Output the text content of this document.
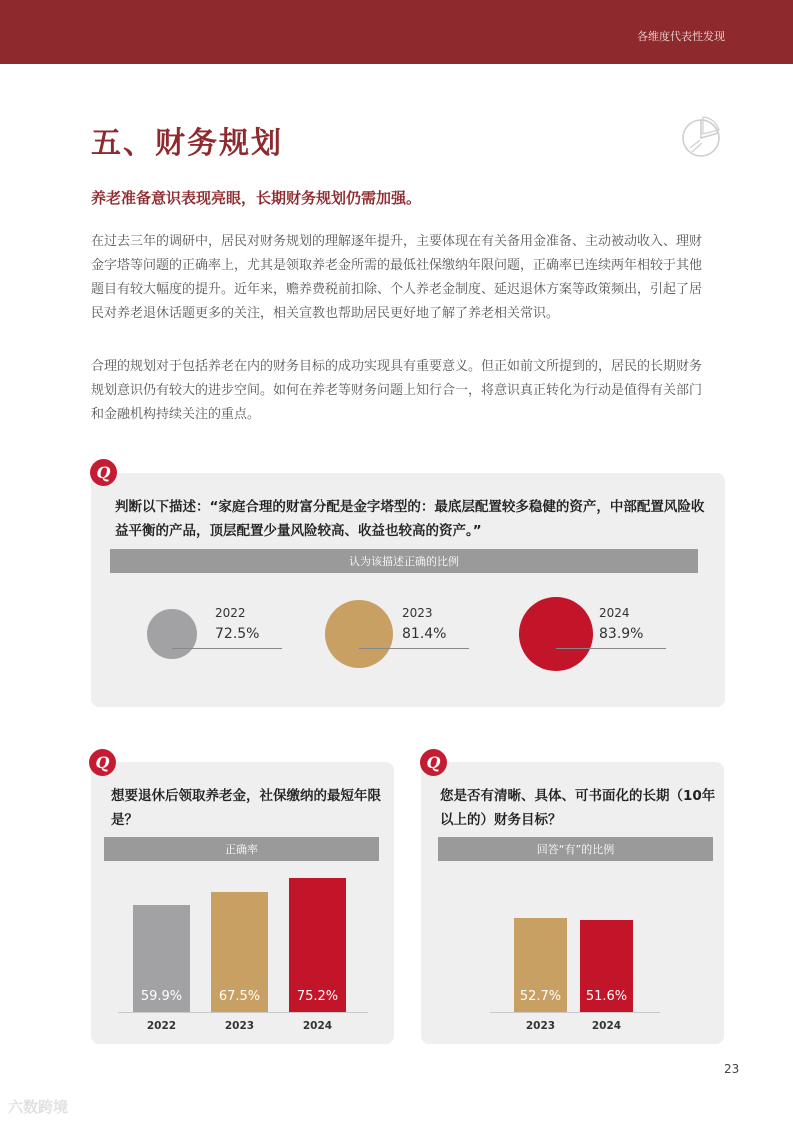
各维度代表性发现
五、财务规划
养老准备意识表现亮眼，长期财务规划仍需加强。

在过去三年的调研中，居民对财务规划的理解逐年提升，主要体现在有关备用金准备、主动被动收入、理财金字塔等问题的正确率上，尤其是领取养老金所需的最低社保缴纳年限问题，正确率已连续两年相较于其他题目有较大幅度的提升。近年来，赡养费税前扣除、个人养老金制度、延迟退休方案等政策频出，引起了居民对养老退休话题更多的关注，相关宣教也帮助居民更好地了解了养老相关常识。

合理的规划对于包括养老在内的财务目标的成功实现具有重要意义。但正如前文所提到的，居民的长期财务规划意识仍有较大的进步空间。如何在养老等财务问题上知行合一，将意识真正转化为行动是值得有关部门和金融机构持续关注的重点。

Q
判断以下描述：“家庭合理的财富分配是金字塔型的：最底层配置较多稳健的资产，中部配置风险收益平衡的产品，顶层配置少量风险较高、收益也较高的资产。”
认为该描述正确的比例
2022
72.5%
2023
81.4%
2024
83.9%
Q
想要退休后领取养老金，社保缴纳的最短年限是？
正确率
59.9%
2022
67.5%
2023
75.2%
2024
Q
您是否有清晰、具体、可书面化的长期（10年以上的）财务目标？
回答“有”的比例
52.7%
2023
51.6%
2024
23
六数跨境
